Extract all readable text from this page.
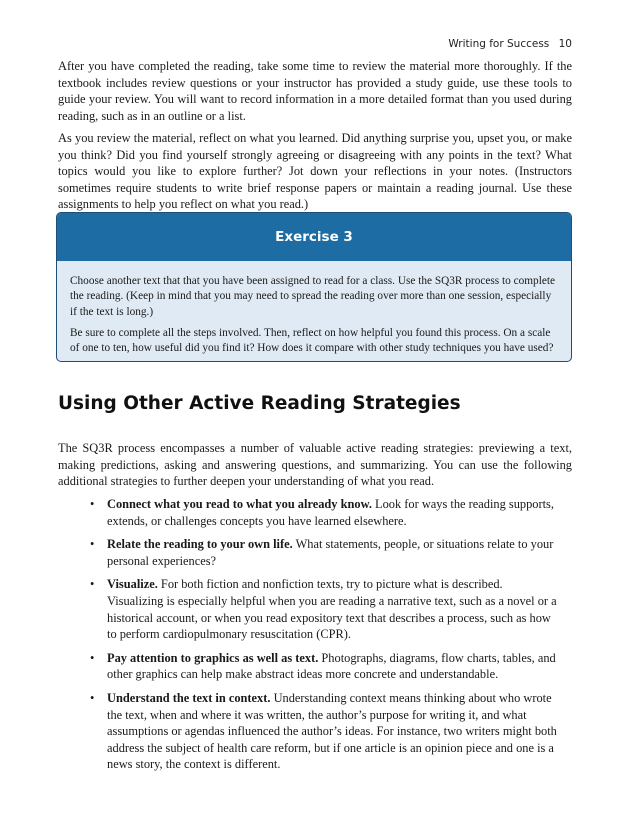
Writing for Success 10

After you have completed the reading, take some time to review the material more thoroughly. If the textbook includes review questions or your instructor has provided a study guide, use these tools to guide your review. You will want to record information in a more detailed format than you used during reading, such as in an outline or a list.

As you review the material, reflect on what you learned. Did anything surprise you, upset you, or make you think? Did you find yourself strongly agreeing or disagreeing with any points in the text? What topics would you like to explore further? Jot down your reflections in your notes. (Instructors sometimes require students to write brief response papers or maintain a reading journal. Use these assignments to help you reflect on what you read.)

Exercise 3

Choose another text that that you have been assigned to read for a class. Use the SQ3R process to complete the reading. (Keep in mind that you may need to spread the reading over more than one session, especially if the text is long.)

Be sure to complete all the steps involved. Then, reflect on how helpful you found this process. On a scale of one to ten, how useful did you find it? How does it compare with other study techniques you have used?

Using Other Active Reading Strategies

The SQ3R process encompasses a number of valuable active reading strategies: previewing a text, making predictions, asking and answering questions, and summarizing. You can use the following additional strategies to further deepen your understanding of what you read.

• Connect what you read to what you already know. Look for ways the reading supports, extends, or challenges concepts you have learned elsewhere.
• Relate the reading to your own life. What statements, people, or situations relate to your personal experiences?
• Visualize. For both fiction and nonfiction texts, try to picture what is described. Visualizing is especially helpful when you are reading a narrative text, such as a novel or a historical account, or when you read expository text that describes a process, such as how to perform cardiopulmonary resuscitation (CPR).
• Pay attention to graphics as well as text. Photographs, diagrams, flow charts, tables, and other graphics can help make abstract ideas more concrete and understandable.
• Understand the text in context. Understanding context means thinking about who wrote the text, when and where it was written, the author’s purpose for writing it, and what assumptions or agendas influenced the author’s ideas. For instance, two writers might both address the subject of health care reform, but if one article is an opinion piece and one is a news story, the context is different.
